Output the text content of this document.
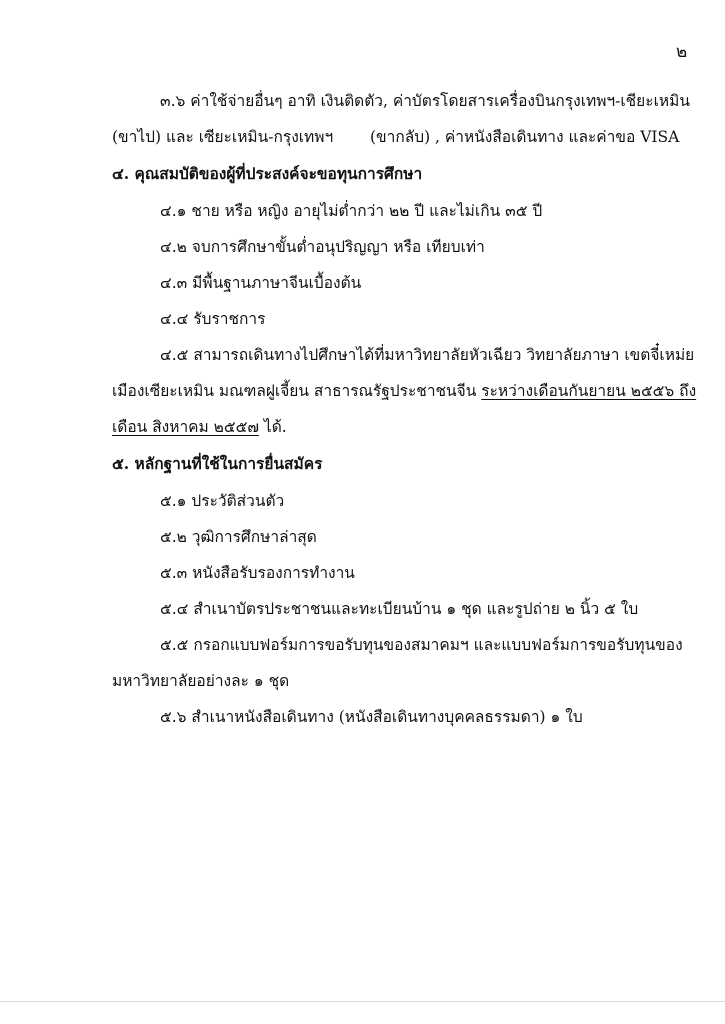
๒
๓.๖ ค่าใช้จ่ายอื่นๆ อาทิ เงินติดตัว, ค่าบัตรโดยสารเครื่องบินกรุงเทพฯ-เชียะเหมิน
(ขาไป) และ เซียะเหมิน-กรุงเทพฯ (ขากลับ) , ค่าหนังสือเดินทาง และค่าขอ VISA
๔. คุณสมบัติของผู้ที่ประสงค์จะขอทุนการศึกษา
๔.๑ ชาย หรือ หญิง อายุไม่ต่ำกว่า ๒๒ ปี และไม่เกิน ๓๕ ปี
๔.๒ จบการศึกษาขั้นต่ำอนุปริญญา หรือ เทียบเท่า
๔.๓ มีพื้นฐานภาษาจีนเบื้องต้น
๔.๔ รับราชการ
๔.๕ สามารถเดินทางไปศึกษาได้ที่มหาวิทยาลัยหัวเฉียว วิทยาลัยภาษา เขตจี๋เหม่ย
เมืองเซียะเหมิน มณฑลฝูเจี้ยน สาธารณรัฐประชาชนจีน ระหว่างเดือนกันยายน ๒๕๕๖ ถึง
เดือน สิงหาคม ๒๕๕๗ ได้.
๕. หลักฐานที่ใช้ในการยื่นสมัคร
๕.๑ ประวัติส่วนตัว
๕.๒ วุฒิการศึกษาล่าสุด
๕.๓ หนังสือรับรองการทำงาน
๕.๔ สำเนาบัตรประชาชนและทะเบียนบ้าน ๑ ชุด และรูปถ่าย ๒ นิ้ว ๕ ใบ
๕.๕ กรอกแบบฟอร์มการขอรับทุนของสมาคมฯ และแบบฟอร์มการขอรับทุนของ
มหาวิทยาลัยอย่างละ ๑ ชุด
๕.๖ สำเนาหนังสือเดินทาง (หนังสือเดินทางบุคคลธรรมดา) ๑ ใบ
